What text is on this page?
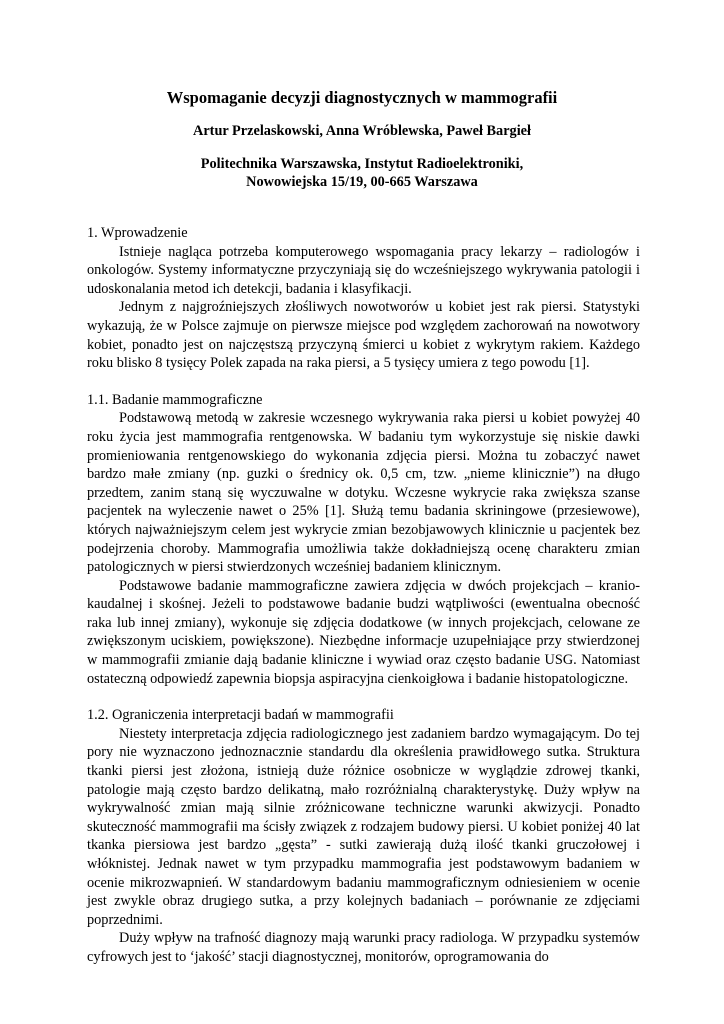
Wspomaganie decyzji diagnostycznych w mammografii
Artur Przelaskowski, Anna Wróblewska, Paweł Bargieł
Politechnika Warszawska, Instytut Radioelektroniki,
Nowowiejska 15/19, 00-665 Warszawa
1. Wprowadzenie

Istnieje nagląca potrzeba komputerowego wspomagania pracy lekarzy – radiologów i onkologów. Systemy informatyczne przyczyniają się do wcześniejszego wykrywania patologii i udoskonalania metod ich detekcji, badania i klasyfikacji.

Jednym z najgroźniejszych złośliwych nowotworów u kobiet jest rak piersi. Statystyki wykazują, że w Polsce zajmuje on pierwsze miejsce pod względem zachorowań na nowotwory kobiet, ponadto jest on najczęstszą przyczyną śmierci u kobiet z wykrytym rakiem. Każdego roku blisko 8 tysięcy Polek zapada na raka piersi, a 5 tysięcy umiera z tego powodu [1].

1.1. Badanie mammograficzne

Podstawową metodą w zakresie wczesnego wykrywania raka piersi u kobiet powyżej 40 roku życia jest mammografia rentgenowska. W badaniu tym wykorzystuje się niskie dawki promieniowania rentgenowskiego do wykonania zdjęcia piersi. Można tu zobaczyć nawet bardzo małe zmiany (np. guzki o średnicy ok. 0,5 cm, tzw. „nieme klinicznie”) na długo przedtem, zanim staną się wyczuwalne w dotyku. Wczesne wykrycie raka zwiększa szanse pacjentek na wyleczenie nawet o 25% [1]. Służą temu badania skriningowe (przesiewowe), których najważniejszym celem jest wykrycie zmian bezobjawowych klinicznie u pacjentek bez podejrzenia choroby. Mammografia umożliwia także dokładniejszą ocenę charakteru zmian patologicznych w piersi stwierdzonych wcześniej badaniem klinicznym.

Podstawowe badanie mammograficzne zawiera zdjęcia w dwóch projekcjach – kranio-kaudalnej i skośnej. Jeżeli to podstawowe badanie budzi wątpliwości (ewentualna obecność raka lub innej zmiany), wykonuje się zdjęcia dodatkowe (w innych projekcjach, celowane ze zwiększonym uciskiem, powiększone). Niezbędne informacje uzupełniające przy stwierdzonej w mammografii zmianie dają badanie kliniczne i wywiad oraz często badanie USG. Natomiast ostateczną odpowiedź zapewnia biopsja aspiracyjna cienkoigłowa i badanie histopatologiczne.

1.2. Ograniczenia interpretacji badań w mammografii

Niestety interpretacja zdjęcia radiologicznego jest zadaniem bardzo wymagającym. Do tej pory nie wyznaczono jednoznacznie standardu dla określenia prawidłowego sutka. Struktura tkanki piersi jest złożona, istnieją duże różnice osobnicze w wyglądzie zdrowej tkanki, patologie mają często bardzo delikatną, mało rozróżnialną charakterystykę. Duży wpływ na wykrywalność zmian mają silnie zróżnicowane techniczne warunki akwizycji. Ponadto skuteczność mammografii ma ścisły związek z rodzajem budowy piersi. U kobiet poniżej 40 lat tkanka piersiowa jest bardzo „gęsta” - sutki zawierają dużą ilość tkanki gruczołowej i włóknistej. Jednak nawet w tym przypadku mammografia jest podstawowym badaniem w ocenie mikrozwapnień. W standardowym badaniu mammograficznym odniesieniem w ocenie jest zwykle obraz drugiego sutka, a przy kolejnych badaniach – porównanie ze zdjęciami poprzednimi.

Duży wpływ na trafność diagnozy mają warunki pracy radiologa. W przypadku systemów cyfrowych jest to ‘jakość’ stacji diagnostycznej, monitorów, oprogramowania do
